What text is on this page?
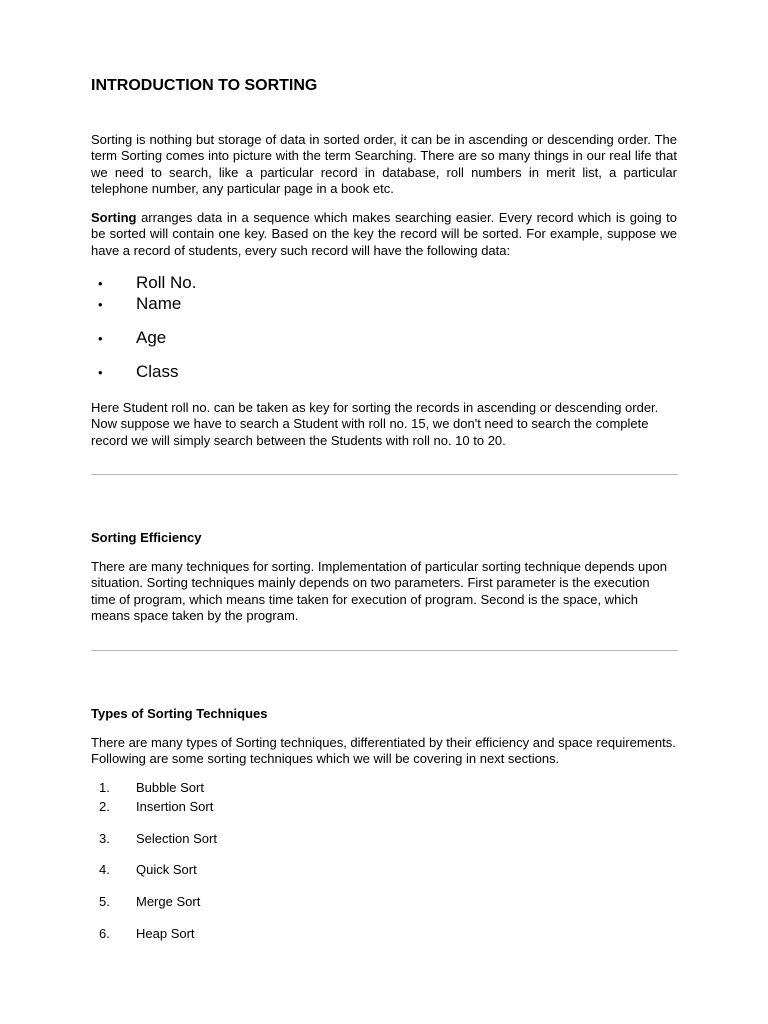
INTRODUCTION TO SORTING

Sorting is nothing but storage of data in sorted order, it can be in ascending or descending order. The term Sorting comes into picture with the term Searching. There are so many things in our real life that we need to search, like a particular record in database, roll numbers in merit list, a particular telephone number, any particular page in a book etc.

Sorting arranges data in a sequence which makes searching easier. Every record which is going to be sorted will contain one key. Based on the key the record will be sorted. For example, suppose we have a record of students, every such record will have the following data:

• Roll No.
• Name
• Age
• Class

Here Student roll no. can be taken as key for sorting the records in ascending or descending order. Now suppose we have to search a Student with roll no. 15, we don't need to search the complete record we will simply search between the Students with roll no. 10 to 20.

Sorting Efficiency

There are many techniques for sorting. Implementation of particular sorting technique depends upon situation. Sorting techniques mainly depends on two parameters. First parameter is the execution time of program, which means time taken for execution of program. Second is the space, which means space taken by the program.

Types of Sorting Techniques

There are many types of Sorting techniques, differentiated by their efficiency and space requirements. Following are some sorting techniques which we will be covering in next sections.

1. Bubble Sort
2. Insertion Sort
3. Selection Sort
4. Quick Sort
5. Merge Sort
6. Heap Sort
